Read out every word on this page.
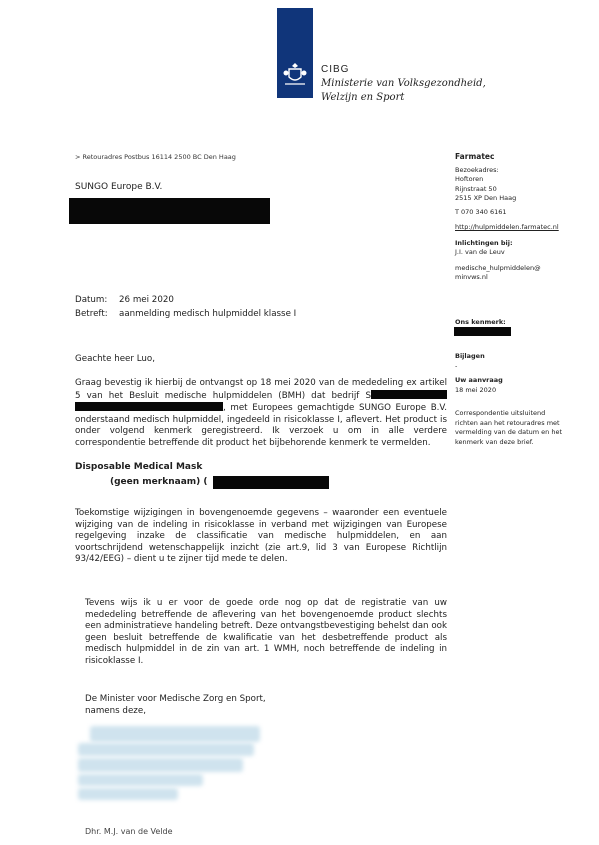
CIBG
Ministerie van Volksgezondheid,
Welzijn en Sport
> Retouradres Postbus 16114 2500 BC Den Haag
SUNGO Europe B.V.
Farmatec
Bezoekadres:
Hoftoren
Rijnstraat 50
2515 XP Den Haag
T 070 340 6161
http://hulpmiddelen.farmatec.nl
Inlichtingen bij:
J.I. van de Leuv
medische_hulpmiddelen@
minvws.nl
Ons kenmerk:
Bijlagen
-
Uw aanvraag
18 mei 2020
Correspondentie uitsluitend richten aan het retouradres met vermelding van de datum en het kenmerk van deze brief.
Datum: 26 mei 2020
Betreft: aanmelding medisch hulpmiddel klasse I
Geachte heer Luo,
Graag bevestig ik hierbij de ontvangst op 18 mei 2020 van de mededeling ex artikel 5 van het Besluit medische hulpmiddelen (BMH) dat bedrijf S, met Europees gemachtigde SUNGO Europe B.V. onderstaand medisch hulpmiddel, ingedeeld in risicoklasse I, aflevert. Het product is onder volgend kenmerk geregistreerd. Ik verzoek u om in alle verdere correspondentie betreffende dit product het bijbehorende kenmerk te vermelden.
Disposable Medical Mask
(geen merknaam) (
Toekomstige wijzigingen in bovengenoemde gegevens – waaronder een eventuele wijziging van de indeling in risicoklasse in verband met wijzigingen van Europese regelgeving inzake de classificatie van medische hulpmiddelen, en aan voortschrijdend wetenschappelijk inzicht (zie art.9, lid 3 van Europese Richtlijn 93/42/EEG) – dient u te zijner tijd mede te delen.
Tevens wijs ik u er voor de goede orde nog op dat de registratie van uw mededeling betreffende de aflevering van het bovengenoemde product slechts een administratieve handeling betreft. Deze ontvangstbevestiging behelst dan ook geen besluit betreffende de kwalificatie van het desbetreffende product als medisch hulpmiddel in de zin van art. 1 WMH, noch betreffende de indeling in risicoklasse I.
De Minister voor Medische Zorg en Sport,
namens deze,
Dhr. M.J. van de Velde
